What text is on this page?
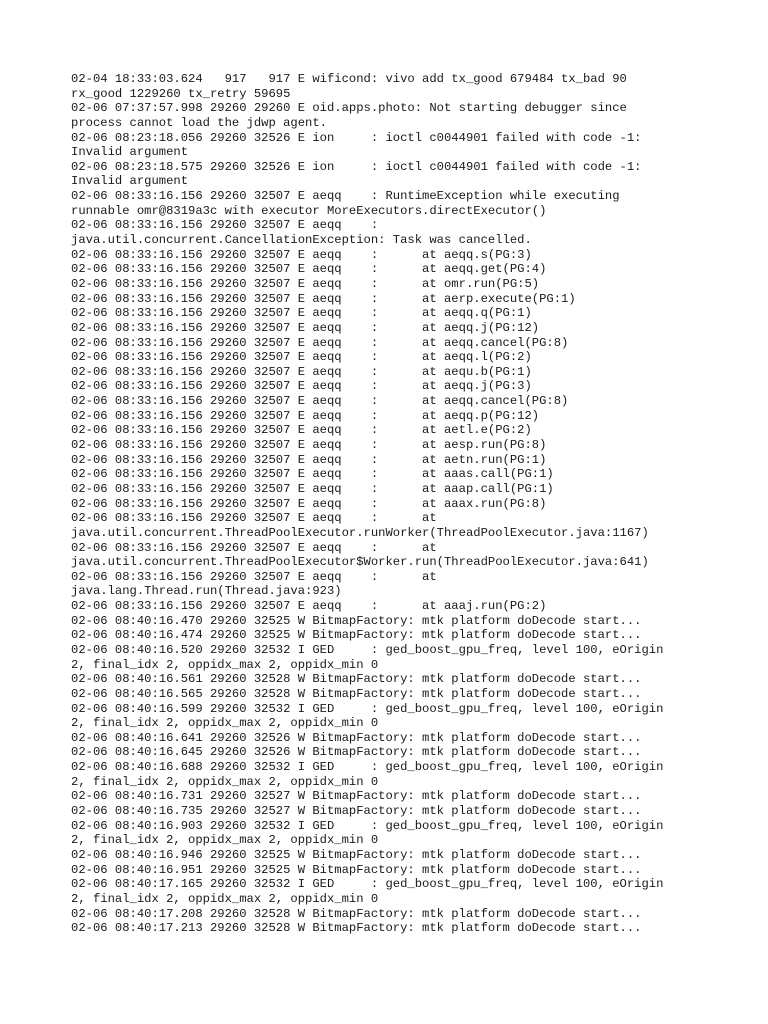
02-04 18:33:03.624   917   917 E wificond: vivo add tx_good 679484 tx_bad 90
rx_good 1229260 tx_retry 59695
02-06 07:37:57.998 29260 29260 E oid.apps.photo: Not starting debugger since
process cannot load the jdwp agent.
02-06 08:23:18.056 29260 32526 E ion     : ioctl c0044901 failed with code -1:
Invalid argument
02-06 08:23:18.575 29260 32526 E ion     : ioctl c0044901 failed with code -1:
Invalid argument
02-06 08:33:16.156 29260 32507 E aeqq    : RuntimeException while executing
runnable omr@8319a3c with executor MoreExecutors.directExecutor()
02-06 08:33:16.156 29260 32507 E aeqq    :
java.util.concurrent.CancellationException: Task was cancelled.
02-06 08:33:16.156 29260 32507 E aeqq    :      at aeqq.s(PG:3)
02-06 08:33:16.156 29260 32507 E aeqq    :      at aeqq.get(PG:4)
02-06 08:33:16.156 29260 32507 E aeqq    :      at omr.run(PG:5)
02-06 08:33:16.156 29260 32507 E aeqq    :      at aerp.execute(PG:1)
02-06 08:33:16.156 29260 32507 E aeqq    :      at aeqq.q(PG:1)
02-06 08:33:16.156 29260 32507 E aeqq    :      at aeqq.j(PG:12)
02-06 08:33:16.156 29260 32507 E aeqq    :      at aeqq.cancel(PG:8)
02-06 08:33:16.156 29260 32507 E aeqq    :      at aeqq.l(PG:2)
02-06 08:33:16.156 29260 32507 E aeqq    :      at aequ.b(PG:1)
02-06 08:33:16.156 29260 32507 E aeqq    :      at aeqq.j(PG:3)
02-06 08:33:16.156 29260 32507 E aeqq    :      at aeqq.cancel(PG:8)
02-06 08:33:16.156 29260 32507 E aeqq    :      at aeqq.p(PG:12)
02-06 08:33:16.156 29260 32507 E aeqq    :      at aetl.e(PG:2)
02-06 08:33:16.156 29260 32507 E aeqq    :      at aesp.run(PG:8)
02-06 08:33:16.156 29260 32507 E aeqq    :      at aetn.run(PG:1)
02-06 08:33:16.156 29260 32507 E aeqq    :      at aaas.call(PG:1)
02-06 08:33:16.156 29260 32507 E aeqq    :      at aaap.call(PG:1)
02-06 08:33:16.156 29260 32507 E aeqq    :      at aaax.run(PG:8)
02-06 08:33:16.156 29260 32507 E aeqq    :      at
java.util.concurrent.ThreadPoolExecutor.runWorker(ThreadPoolExecutor.java:1167)
02-06 08:33:16.156 29260 32507 E aeqq    :      at
java.util.concurrent.ThreadPoolExecutor$Worker.run(ThreadPoolExecutor.java:641)
02-06 08:33:16.156 29260 32507 E aeqq    :      at
java.lang.Thread.run(Thread.java:923)
02-06 08:33:16.156 29260 32507 E aeqq    :      at aaaj.run(PG:2)
02-06 08:40:16.470 29260 32525 W BitmapFactory: mtk platform doDecode start...
02-06 08:40:16.474 29260 32525 W BitmapFactory: mtk platform doDecode start...
02-06 08:40:16.520 29260 32532 I GED     : ged_boost_gpu_freq, level 100, eOrigin
2, final_idx 2, oppidx_max 2, oppidx_min 0
02-06 08:40:16.561 29260 32528 W BitmapFactory: mtk platform doDecode start...
02-06 08:40:16.565 29260 32528 W BitmapFactory: mtk platform doDecode start...
02-06 08:40:16.599 29260 32532 I GED     : ged_boost_gpu_freq, level 100, eOrigin
2, final_idx 2, oppidx_max 2, oppidx_min 0
02-06 08:40:16.641 29260 32526 W BitmapFactory: mtk platform doDecode start...
02-06 08:40:16.645 29260 32526 W BitmapFactory: mtk platform doDecode start...
02-06 08:40:16.688 29260 32532 I GED     : ged_boost_gpu_freq, level 100, eOrigin
2, final_idx 2, oppidx_max 2, oppidx_min 0
02-06 08:40:16.731 29260 32527 W BitmapFactory: mtk platform doDecode start...
02-06 08:40:16.735 29260 32527 W BitmapFactory: mtk platform doDecode start...
02-06 08:40:16.903 29260 32532 I GED     : ged_boost_gpu_freq, level 100, eOrigin
2, final_idx 2, oppidx_max 2, oppidx_min 0
02-06 08:40:16.946 29260 32525 W BitmapFactory: mtk platform doDecode start...
02-06 08:40:16.951 29260 32525 W BitmapFactory: mtk platform doDecode start...
02-06 08:40:17.165 29260 32532 I GED     : ged_boost_gpu_freq, level 100, eOrigin
2, final_idx 2, oppidx_max 2, oppidx_min 0
02-06 08:40:17.208 29260 32528 W BitmapFactory: mtk platform doDecode start...
02-06 08:40:17.213 29260 32528 W BitmapFactory: mtk platform doDecode start...
